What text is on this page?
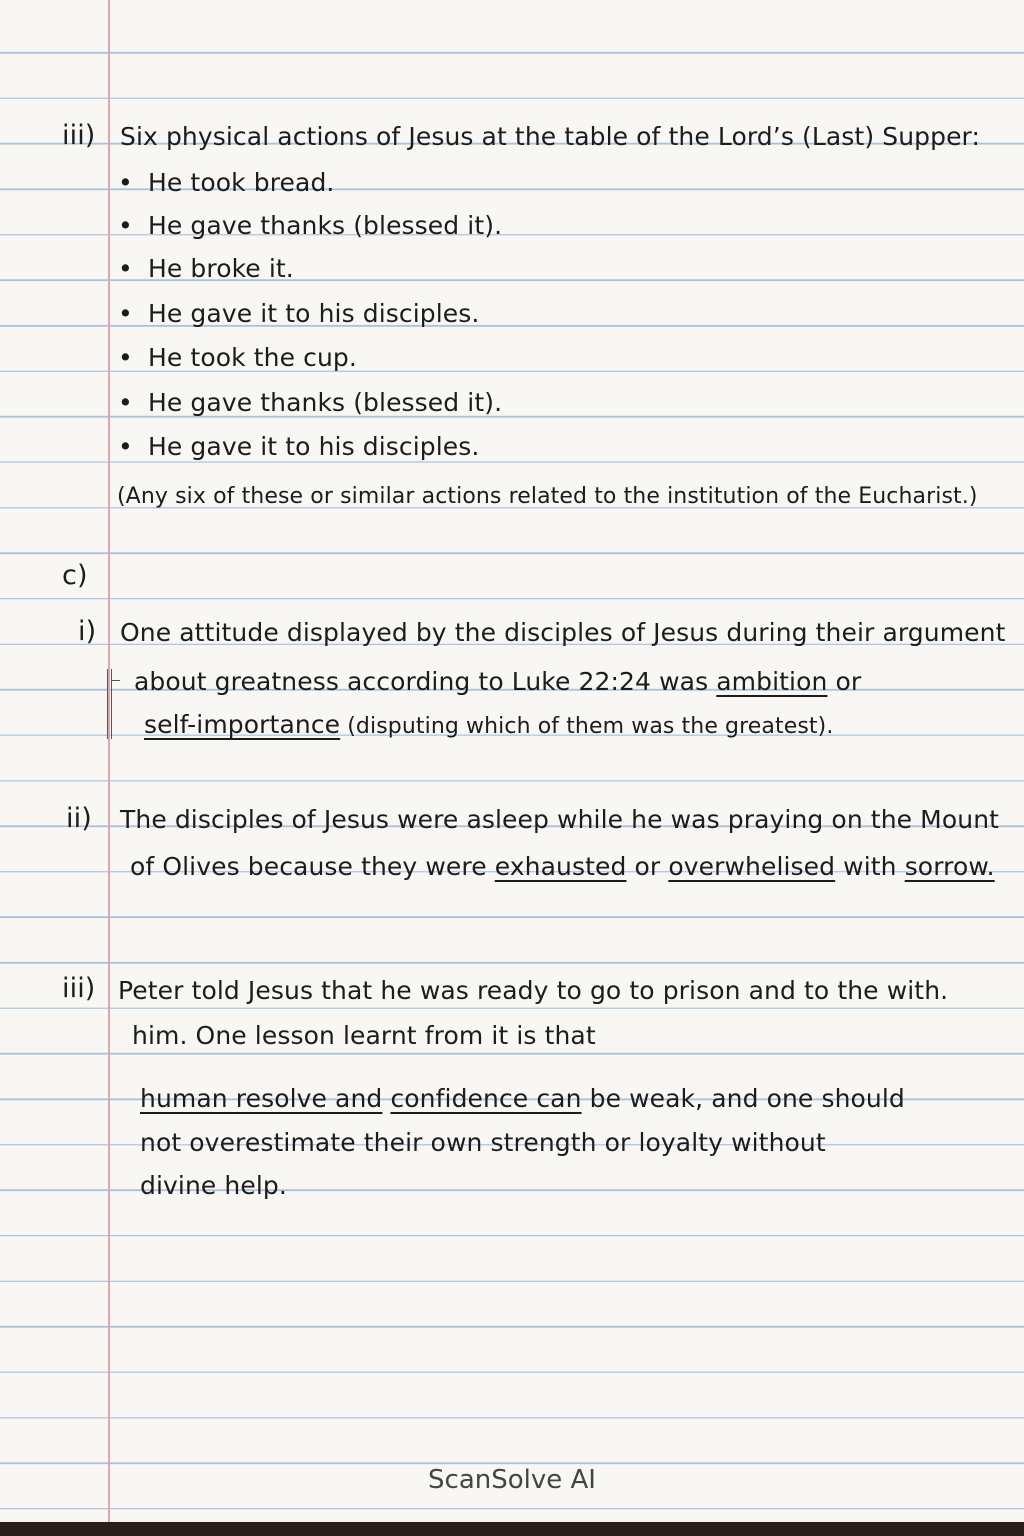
iii) Six physical actions of Jesus at the table of the Lord’s (Last) Supper:
• He took bread.
• He gave thanks (blessed it).
• He broke it.
• He gave it to his disciples.
• He took the cup.
• He gave thanks (blessed it).
• He gave it to his disciples.
(Any six of these or similar actions related to the institution of the Eucharist.)
c)
i) One attitude displayed by the disciples of Jesus during their argument
about greatness according to Luke 22:24 was ambition or
self-importance (disputing which of them was the greatest).
ii) The disciples of Jesus were asleep while he was praying on the Mount
of Olives because they were exhausted or overwhelised with sorrow.
iii) Peter told Jesus that he was ready to go to prison and to the with.
him. One lesson learnt from it is that
human resolve and confidence can be weak, and one should
not overestimate their own strength or loyalty without
divine help.
ScanSolve AI
